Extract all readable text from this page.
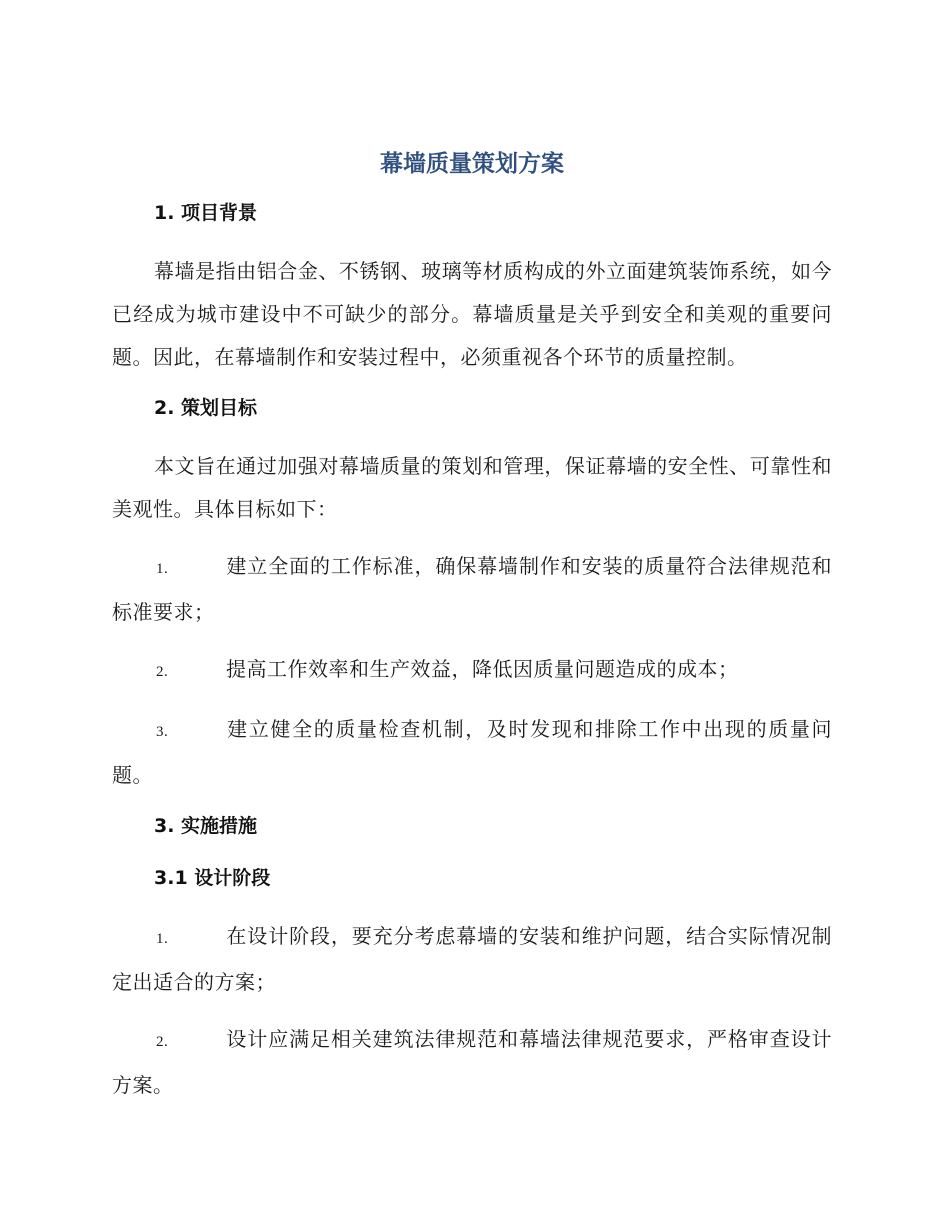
幕墙质量策划方案
1. 项目背景
幕墙是指由铝合金、不锈钢、玻璃等材质构成的外立面建筑装饰系统，如今已经成为城市建设中不可缺少的部分。幕墙质量是关乎到安全和美观的重要问题。因此，在幕墙制作和安装过程中，必须重视各个环节的质量控制。
2. 策划目标
本文旨在通过加强对幕墙质量的策划和管理，保证幕墙的安全性、可靠性和美观性。具体目标如下：
1.	建立全面的工作标准，确保幕墙制作和安装的质量符合法律规范和标准要求；
2.	提高工作效率和生产效益，降低因质量问题造成的成本；
3.	建立健全的质量检查机制，及时发现和排除工作中出现的质量问题。
3. 实施措施
3.1 设计阶段
1.	在设计阶段，要充分考虑幕墙的安装和维护问题，结合实际情况制定出适合的方案；
2.	设计应满足相关建筑法律规范和幕墙法律规范要求，严格审查设计方案。
